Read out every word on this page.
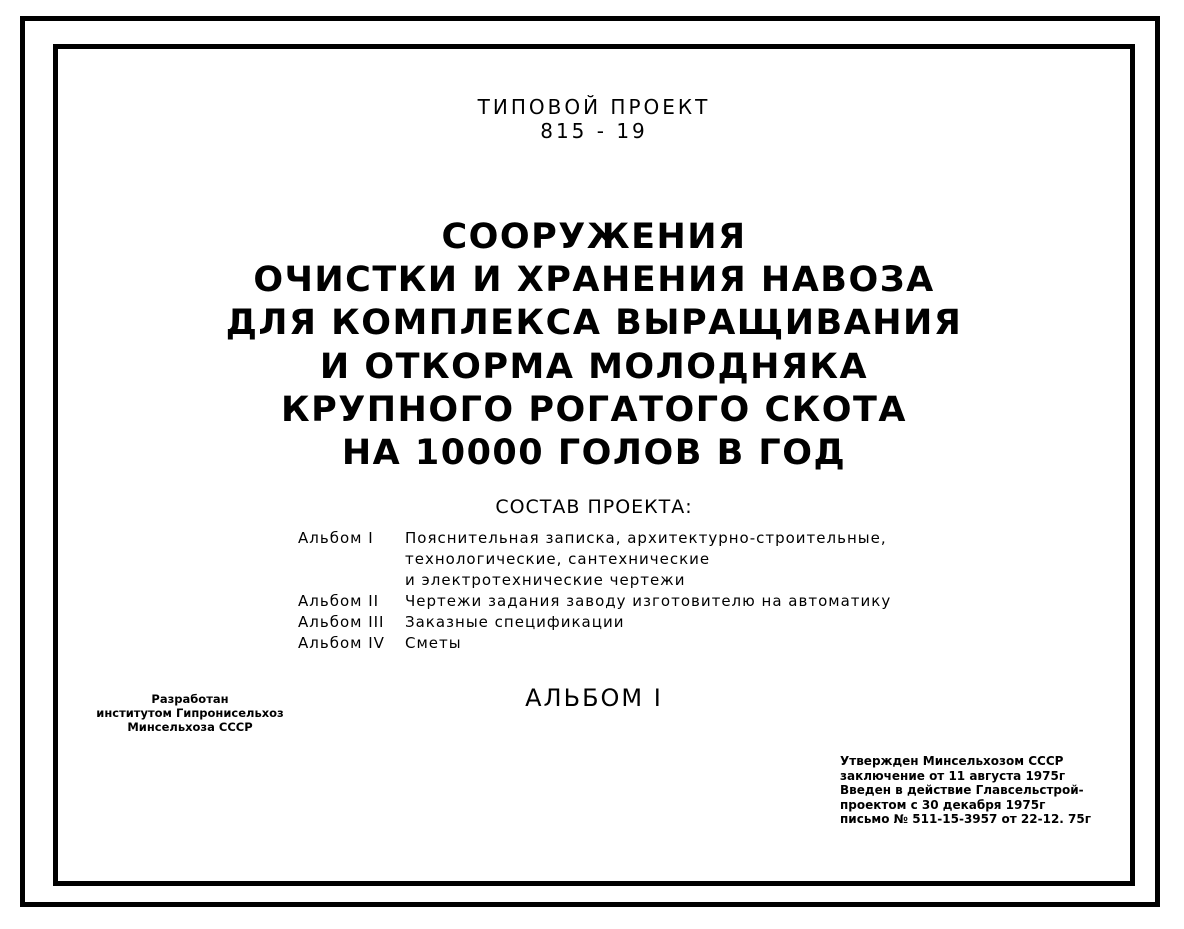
ТИПОВОЙ ПРОЕКТ
815 - 19
СООРУЖЕНИЯ
ОЧИСТКИ И ХРАНЕНИЯ НАВОЗА
ДЛЯ КОМПЛЕКСА ВЫРАЩИВАНИЯ
И ОТКОРМА МОЛОДНЯКА
КРУПНОГО РОГАТОГО СКОТА
НА 10000 ГОЛОВ В ГОД
СОСТАВ ПРОЕКТА:
Альбом I	Пояснительная записка, архитектурно-строительные,
технологические, сантехнические
и электротехнические чертежи
Альбом II	Чертежи задания заводу изготовителю на автоматику
Альбом III	Заказные спецификации
Альбом IV	Сметы
АЛЬБОМ I
Разработан
институтом Гипронисельхоз
Минсельхоза СССР
Утвержден Минсельхозом СССР
заключение от 11 августа 1975г
Введен в действие Главсельстрой-
проектом с 30 декабря 1975г
письмо № 511-15-3957 от 22-12. 75г
